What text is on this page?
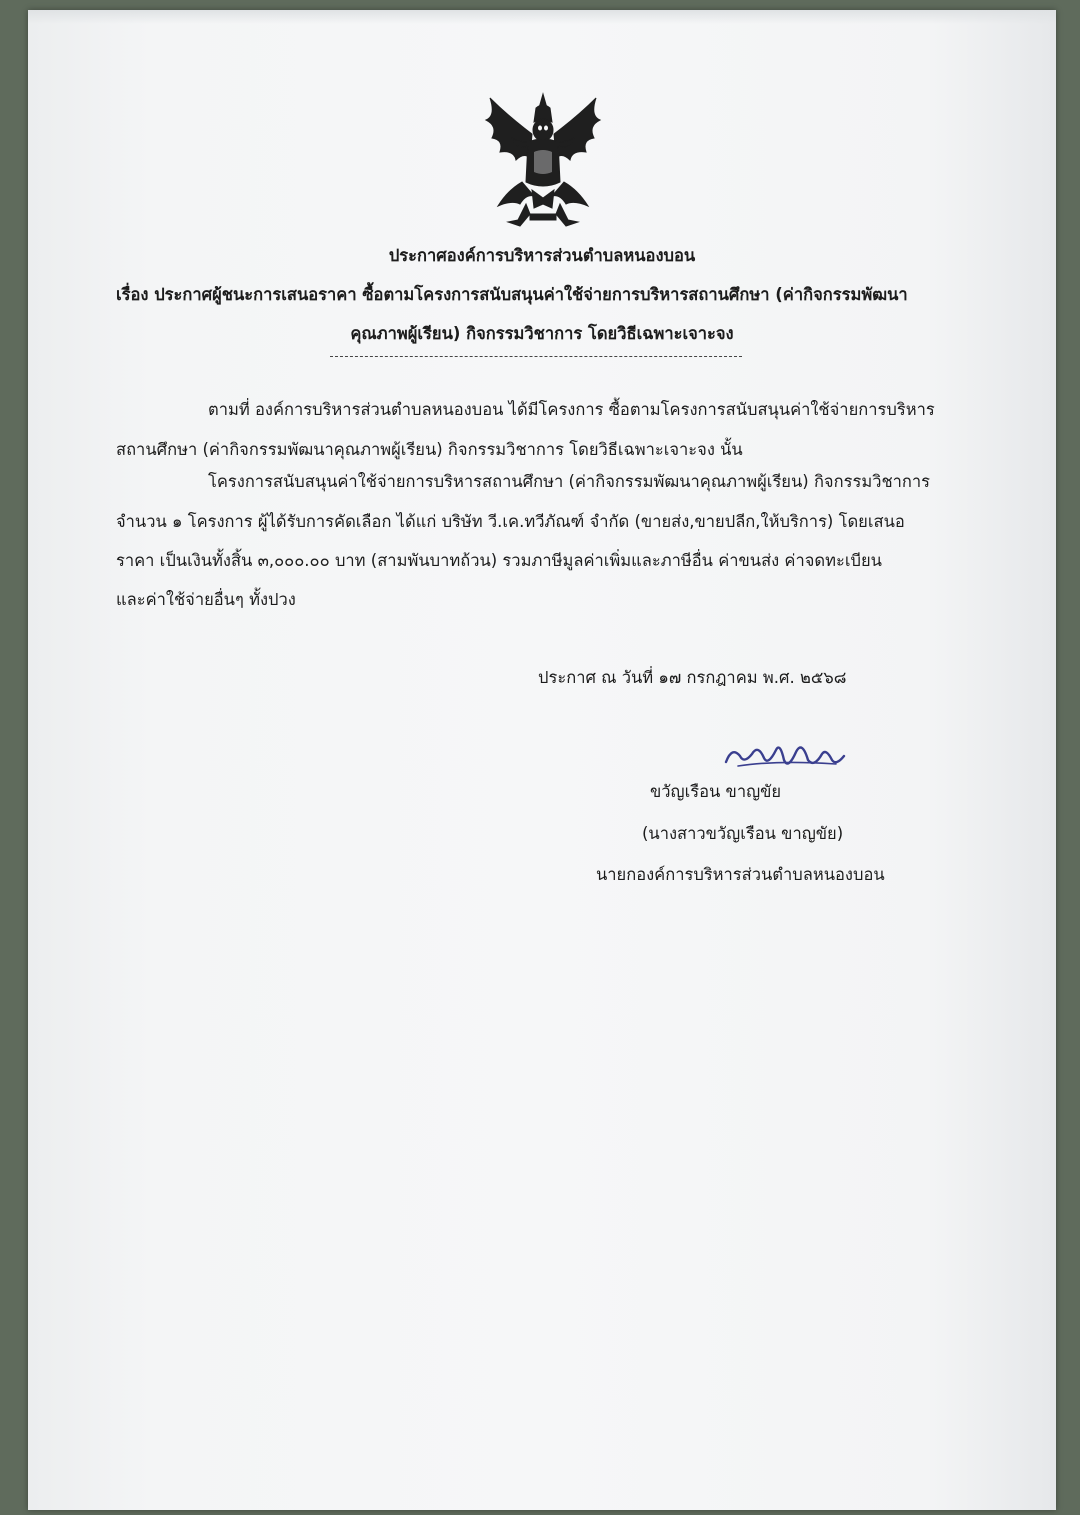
ประกาศองค์การบริหารส่วนตำบลหนองบอน
เรื่อง ประกาศผู้ชนะการเสนอราคา ซื้อตามโครงการสนับสนุนค่าใช้จ่ายการบริหารสถานศึกษา (ค่ากิจกรรมพัฒนา
คุณภาพผู้เรียน) กิจกรรมวิชาการ โดยวิธีเฉพาะเจาะจง
ตามที่ องค์การบริหารส่วนตำบลหนองบอน ได้มีโครงการ ซื้อตามโครงการสนับสนุนค่าใช้จ่ายการบริหาร
สถานศึกษา (ค่ากิจกรรมพัฒนาคุณภาพผู้เรียน) กิจกรรมวิชาการ โดยวิธีเฉพาะเจาะจง นั้น
โครงการสนับสนุนค่าใช้จ่ายการบริหารสถานศึกษา (ค่ากิจกรรมพัฒนาคุณภาพผู้เรียน) กิจกรรมวิชาการ
จำนวน ๑ โครงการ ผู้ได้รับการคัดเลือก ได้แก่ บริษัท วี.เค.ทวีภัณฑ์ จำกัด (ขายส่ง,ขายปลีก,ให้บริการ) โดยเสนอ
ราคา เป็นเงินทั้งสิ้น ๓,๐๐๐.๐๐ บาท (สามพันบาทถ้วน) รวมภาษีมูลค่าเพิ่มและภาษีอื่น ค่าขนส่ง ค่าจดทะเบียน
และค่าใช้จ่ายอื่นๆ ทั้งปวง
ประกาศ ณ วันที่ ๑๗ กรกฎาคม พ.ศ. ๒๕๖๘
ขวัญเรือน ขาญขัย
(นางสาวขวัญเรือน ขาญขัย)
นายกองค์การบริหารส่วนตำบลหนองบอน
